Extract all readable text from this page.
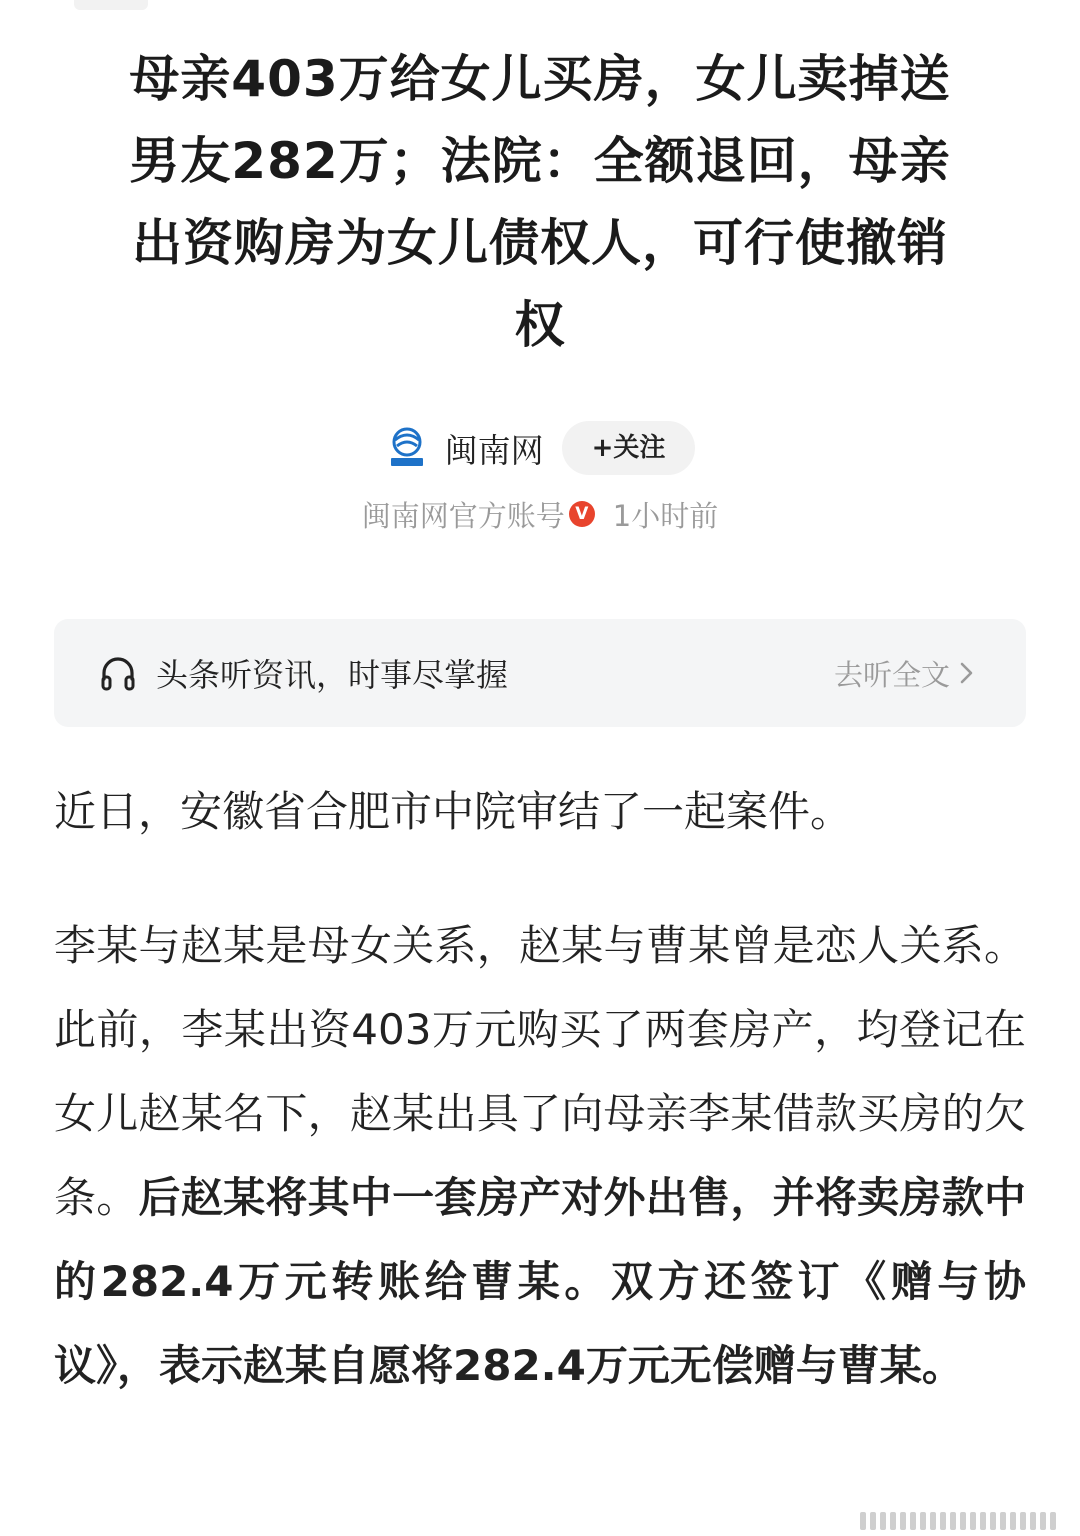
母亲403万给女儿买房，女儿卖掉送男友282万；法院：全额退回，母亲出资购房为女儿债权人，可行使撤销权
闽南网	+关注
闽南网官方账号 V 1小时前
头条听资讯，时事尽掌握	去听全文

近日，安徽省合肥市中院审结了一起案件。

李某与赵某是母女关系，赵某与曹某曾是恋人关系。此前，李某出资403万元购买了两套房产，均登记在女儿赵某名下，赵某出具了向母亲李某借款买房的欠条。后赵某将其中一套房产对外出售，并将卖房款中的282.4万元转账给曹某。双方还签订《赠与协议》，表示赵某自愿将282.4万元无偿赠与曹某。
